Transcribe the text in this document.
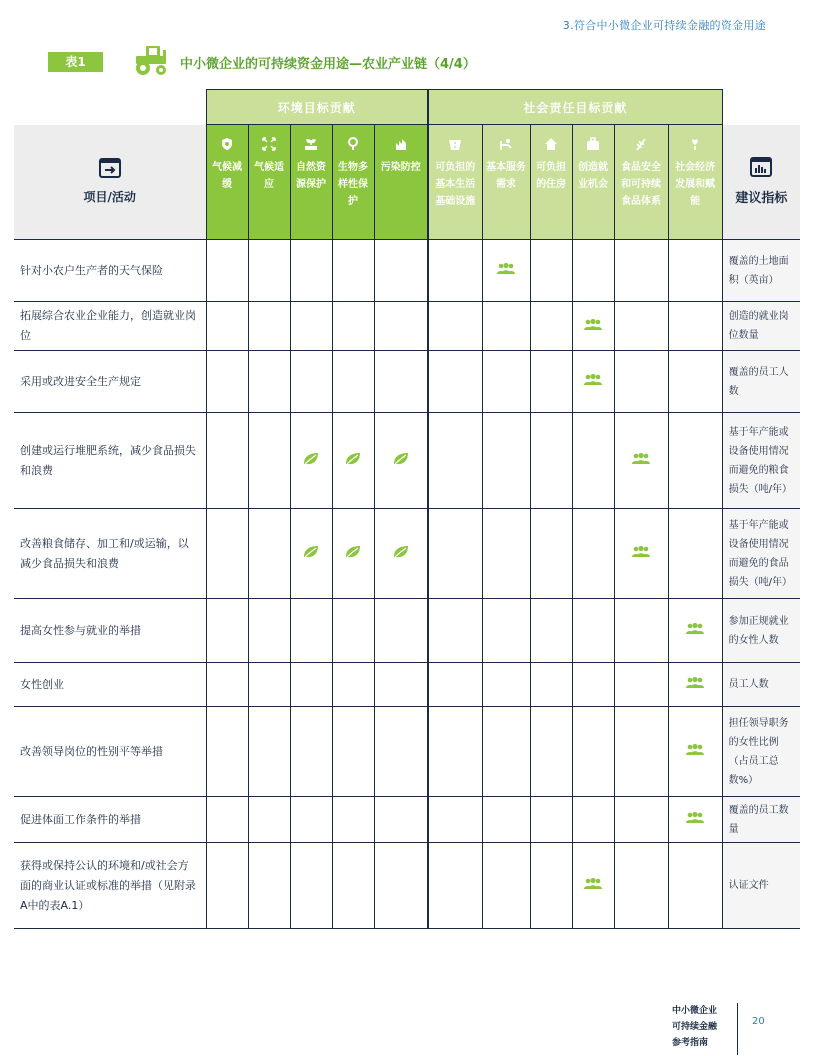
3.符合中小微企业可持续金融的资金用途
表1	中小微企业的可持续资金用途—农业产业链（4/4）
	环境目标贡献					社会责任目标贡献						

项目/活动	气候减缓	气候适应	自然资源保护	生物多样性保护	污染防控	可负担的基本生活基础设施	基本服务需求	可负担的住房	创造就业机会	食品安全和可持续食品体系	社会经济发展和赋能	建议指标
针对小农户生产者的天气保险												覆盖的土地面积（英亩）
拓展综合农业企业能力，创造就业岗位												创造的就业岗位数量
采用或改进安全生产规定												覆盖的员工人数
创建或运行堆肥系统，减少食品损失和浪费												基于年产能或设备使用情况而避免的粮食损失（吨/年）
改善粮食储存、加工和/或运输，以减少食品损失和浪费												基于年产能或设备使用情况而避免的食品损失（吨/年）
提高女性参与就业的举措												参加正规就业的女性人数
女性创业												员工人数
改善领导岗位的性别平等举措												担任领导职务的女性比例（占员工总数%）
促进体面工作条件的举措												覆盖的员工数量
获得或保持公认的环境和/或社会方面的商业认证或标准的举措（见附录A中的表A.1）												认证文件
中小微企业
可持续金融
参考指南
20
